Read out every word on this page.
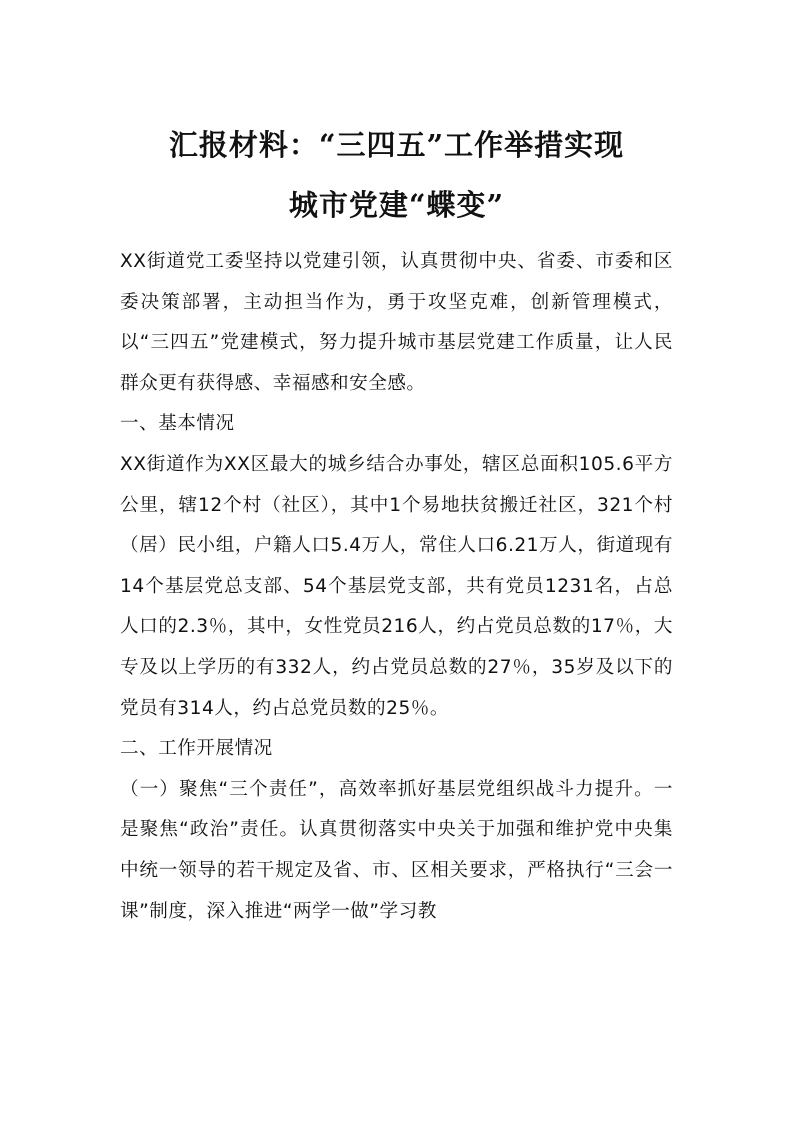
汇报材料：“三四五”工作举措实现
城市党建“蝶变”

XX街道党工委坚持以党建引领，认真贯彻中央、省委、市委和区委决策部署，主动担当作为，勇于攻坚克难，创新管理模式，以“三四五”党建模式，努力提升城市基层党建工作质量，让人民群众更有获得感、幸福感和安全感。

一、基本情况

XX街道作为XX区最大的城乡结合办事处，辖区总面积105.6平方公里，辖12个村（社区），其中1个易地扶贫搬迁社区，321个村（居）民小组，户籍人口5.4万人，常住人口6.21万人，街道现有14个基层党总支部、54个基层党支部，共有党员1231名，占总人口的2.3％，其中，女性党员216人，约占党员总数的17％，大专及以上学历的有332人，约占党员总数的27％，35岁及以下的党员有314人，约占总党员数的25％。

二、工作开展情况

（一）聚焦“三个责任”，高效率抓好基层党组织战斗力提升。一是聚焦“政治”责任。认真贯彻落实中央关于加强和维护党中央集中统一领导的若干规定及省、市、区相关要求，严格执行“三会一课”制度，深入推进“两学一做”学习教
